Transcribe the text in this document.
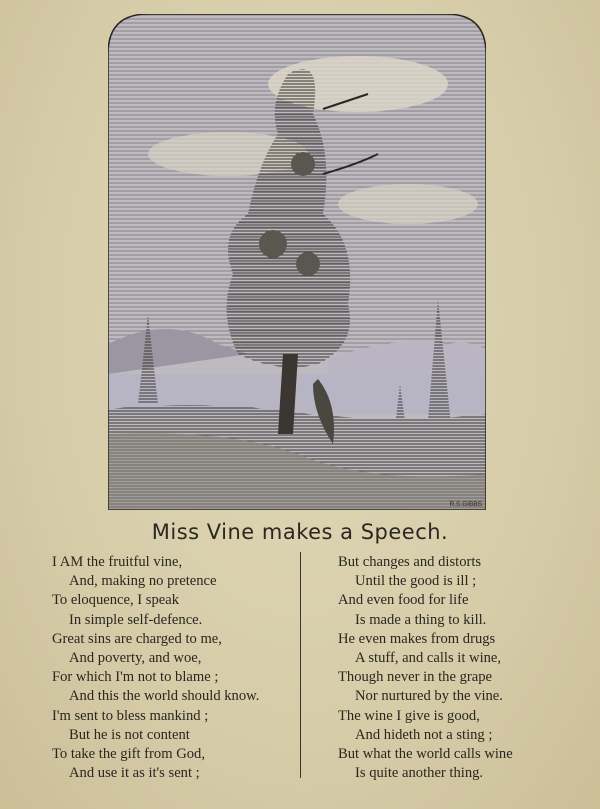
R.S.GIBBS
Miss Vine makes a Speech.
I AM the fruitful vine,
And, making no pretence
To eloquence, I speak
In simple self-defence.
Great sins are charged to me,
And poverty, and woe,
For which I'm not to blame ;
And this the world should know.
I'm sent to bless mankind ;
But he is not content
To take the gift from God,
And use it as it's sent ;
But changes and distorts
Until the good is ill ;
And even food for life
Is made a thing to kill.
He even makes from drugs
A stuff, and calls it wine,
Though never in the grape
Nor nurtured by the vine.
The wine I give is good,
And hideth not a sting ;
But what the world calls wine
Is quite another thing.
